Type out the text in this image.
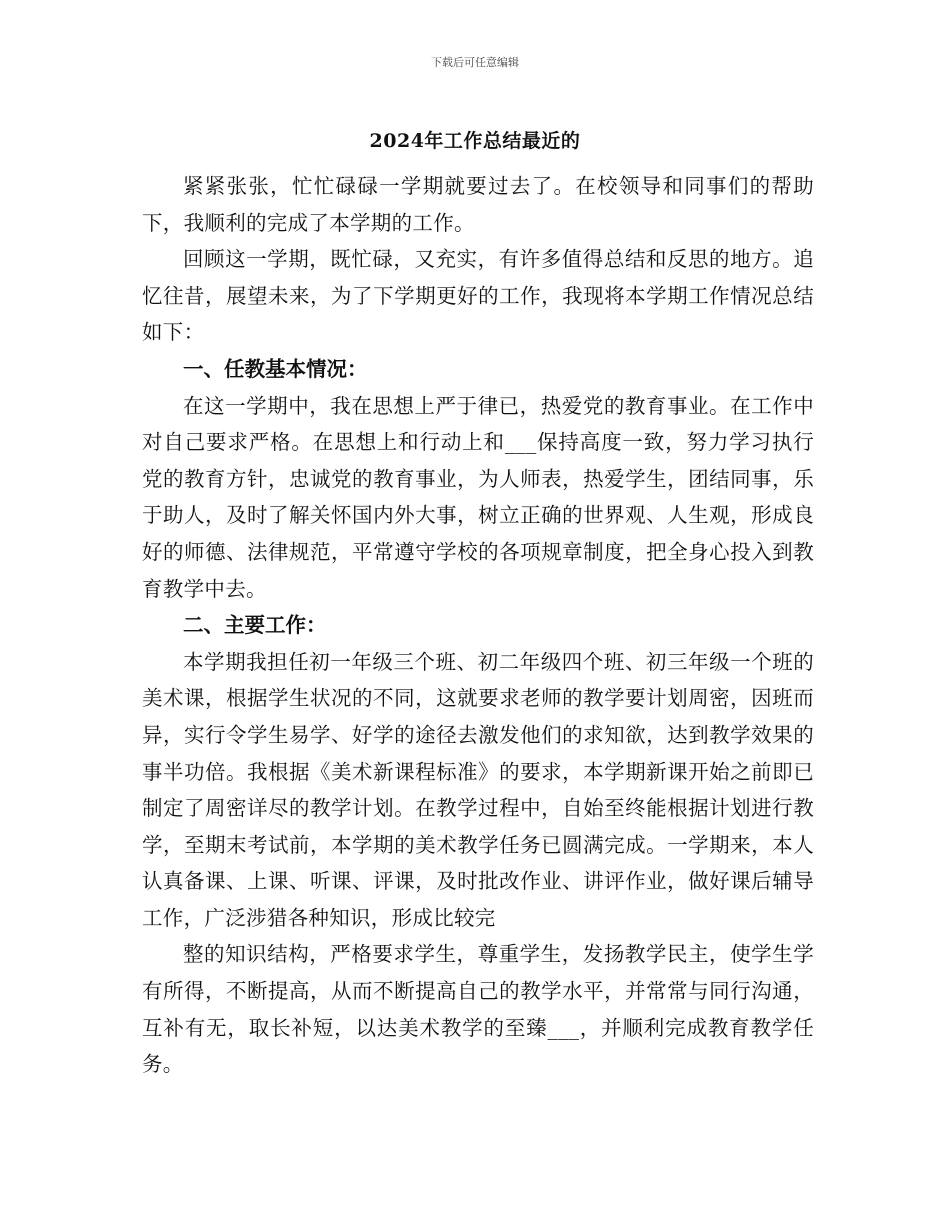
下载后可任意编辑
2024年工作总结最近的

紧紧张张，忙忙碌碌一学期就要过去了。在校领导和同事们的帮助下，我顺利的完成了本学期的工作。

回顾这一学期，既忙碌，又充实，有许多值得总结和反思的地方。追忆往昔，展望未来，为了下学期更好的工作，我现将本学期工作情况总结如下：

一、任教基本情况：

在这一学期中，我在思想上严于律已，热爱党的教育事业。在工作中对自己要求严格。在思想上和行动上和___保持高度一致，努力学习执行党的教育方针，忠诚党的教育事业，为人师表，热爱学生，团结同事，乐于助人，及时了解关怀国内外大事，树立正确的世界观、人生观，形成良好的师德、法律规范，平常遵守学校的各项规章制度，把全身心投入到教育教学中去。

二、主要工作：

本学期我担任初一年级三个班、初二年级四个班、初三年级一个班的美术课，根据学生状况的不同，这就要求老师的教学要计划周密，因班而异，实行令学生易学、好学的途径去激发他们的求知欲，达到教学效果的事半功倍。我根据《美术新课程标准》的要求，本学期新课开始之前即已制定了周密详尽的教学计划。在教学过程中，自始至终能根据计划进行教学，至期末考试前，本学期的美术教学任务已圆满完成。一学期来，本人认真备课、上课、听课、评课，及时批改作业、讲评作业，做好课后辅导工作，广泛涉猎各种知识，形成比较完

整的知识结构，严格要求学生，尊重学生，发扬教学民主，使学生学有所得，不断提高，从而不断提高自己的教学水平，并常常与同行沟通，互补有无，取长补短，以达美术教学的至臻___，并顺利完成教育教学任务。
